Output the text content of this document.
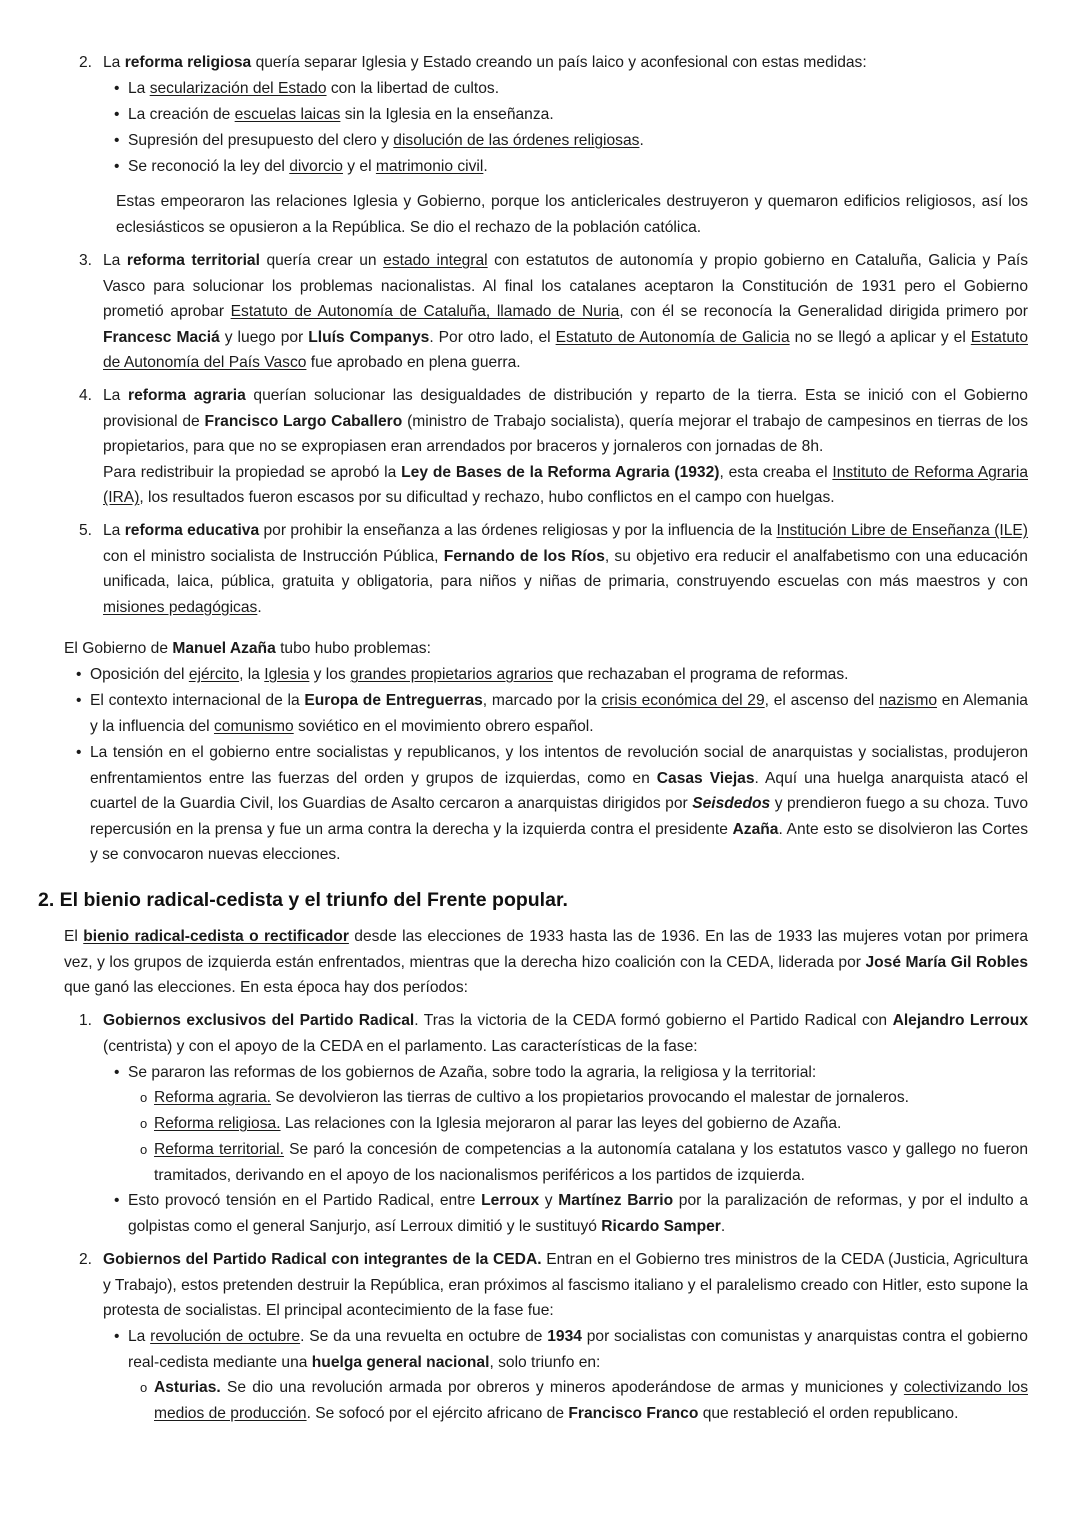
2. La reforma religiosa quería separar Iglesia y Estado creando un país laico y aconfesional con estas medidas:

• La secularización del Estado con la libertad de cultos.

• La creación de escuelas laicas sin la Iglesia en la enseñanza.

• Supresión del presupuesto del clero y disolución de las órdenes religiosas.

• Se reconoció la ley del divorcio y el matrimonio civil.

Estas empeoraron las relaciones Iglesia y Gobierno, porque los anticlericales destruyeron y quemaron edificios religiosos, así los eclesiásticos se opusieron a la República. Se dio el rechazo de la población católica.

3. La reforma territorial quería crear un estado integral con estatutos de autonomía y propio gobierno en Cataluña, Galicia y País Vasco para solucionar los problemas nacionalistas. Al final los catalanes aceptaron la Constitución de 1931 pero el Gobierno prometió aprobar Estatuto de Autonomía de Cataluña, llamado de Nuria, con él se reconocía la Generalidad dirigida primero por Francesc Maciá y luego por Lluís Companys. Por otro lado, el Estatuto de Autonomía de Galicia no se llegó a aplicar y el Estatuto de Autonomía del País Vasco fue aprobado en plena guerra.

4. La reforma agraria querían solucionar las desigualdades de distribución y reparto de la tierra. Esta se inició con el Gobierno provisional de Francisco Largo Caballero (ministro de Trabajo socialista), quería mejorar el trabajo de campesinos en tierras de los propietarios, para que no se expropiasen eran arrendados por braceros y jornaleros con jornadas de 8h.
Para redistribuir la propiedad se aprobó la Ley de Bases de la Reforma Agraria (1932), esta creaba el Instituto de Reforma Agraria (IRA), los resultados fueron escasos por su dificultad y rechazo, hubo conflictos en el campo con huelgas.

5. La reforma educativa por prohibir la enseñanza a las órdenes religiosas y por la influencia de la Institución Libre de Enseñanza (ILE) con el ministro socialista de Instrucción Pública, Fernando de los Ríos, su objetivo era reducir el analfabetismo con una educación unificada, laica, pública, gratuita y obligatoria, para niños y niñas de primaria, construyendo escuelas con más maestros y con misiones pedagógicas.

El Gobierno de Manuel Azaña tubo hubo problemas:

• Oposición del ejército, la Iglesia y los grandes propietarios agrarios que rechazaban el programa de reformas.

• El contexto internacional de la Europa de Entreguerras, marcado por la crisis económica del 29, el ascenso del nazismo en Alemania y la influencia del comunismo soviético en el movimiento obrero español.

• La tensión en el gobierno entre socialistas y republicanos, y los intentos de revolución social de anarquistas y socialistas, produjeron enfrentamientos entre las fuerzas del orden y grupos de izquierdas, como en Casas Viejas. Aquí una huelga anarquista atacó el cuartel de la Guardia Civil, los Guardias de Asalto cercaron a anarquistas dirigidos por Seisdedos y prendieron fuego a su choza. Tuvo repercusión en la prensa y fue un arma contra la derecha y la izquierda contra el presidente Azaña. Ante esto se disolvieron las Cortes y se convocaron nuevas elecciones.

2. El bienio radical-cedista y el triunfo del Frente popular.

El bienio radical-cedista o rectificador desde las elecciones de 1933 hasta las de 1936. En las de 1933 las mujeres votan por primera vez, y los grupos de izquierda están enfrentados, mientras que la derecha hizo coalición con la CEDA, liderada por José María Gil Robles que ganó las elecciones. En esta época hay dos períodos:

1. Gobiernos exclusivos del Partido Radical. Tras la victoria de la CEDA formó gobierno el Partido Radical con Alejandro Lerroux (centrista) y con el apoyo de la CEDA en el parlamento. Las características de la fase:

• Se pararon las reformas de los gobiernos de Azaña, sobre todo la agraria, la religiosa y la territorial:

o Reforma agraria. Se devolvieron las tierras de cultivo a los propietarios provocando el malestar de jornaleros.

o Reforma religiosa. Las relaciones con la Iglesia mejoraron al parar las leyes del gobierno de Azaña.

o Reforma territorial. Se paró la concesión de competencias a la autonomía catalana y los estatutos vasco y gallego no fueron tramitados, derivando en el apoyo de los nacionalismos periféricos a los partidos de izquierda.

• Esto provocó tensión en el Partido Radical, entre Lerroux y Martínez Barrio por la paralización de reformas, y por el indulto a golpistas como el general Sanjurjo, así Lerroux dimitió y le sustituyó Ricardo Samper.

2. Gobiernos del Partido Radical con integrantes de la CEDA. Entran en el Gobierno tres ministros de la CEDA (Justicia, Agricultura y Trabajo), estos pretenden destruir la República, eran próximos al fascismo italiano y el paralelismo creado con Hitler, esto supone la protesta de socialistas. El principal acontecimiento de la fase fue:

• La revolución de octubre. Se da una revuelta en octubre de 1934 por socialistas con comunistas y anarquistas contra el gobierno real-cedista mediante una huelga general nacional, solo triunfo en:

o Asturias. Se dio una revolución armada por obreros y mineros apoderándose de armas y municiones y colectivizando los medios de producción. Se sofocó por el ejército africano de Francisco Franco que restableció el orden republicano.
